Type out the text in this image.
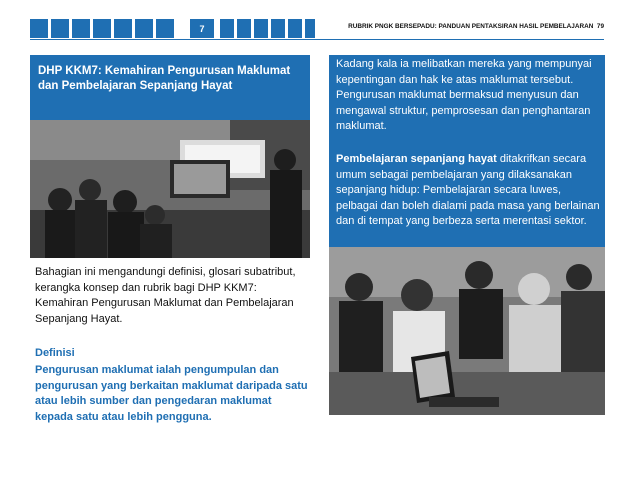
7	RUBRIK PNGK BERSEPADU: PANDUAN PENTAKSIRAN HASIL PEMBELAJARAN 79
DHP KKM7: Kemahiran Pengurusan Maklumat dan Pembelajaran Sepanjang Hayat
Bahagian ini mengandungi definisi, glosari subatribut, kerangka konsep dan rubrik bagi DHP KKM7: Kemahiran Pengurusan Maklumat dan Pembelajaran Sepanjang Hayat.
Definisi
Pengurusan maklumat ialah pengumpulan dan pengurusan yang berkaitan maklumat daripada satu atau lebih sumber dan pengedaran maklumat kepada satu atau lebih pengguna.
Kadang kala ia melibatkan mereka yang mempunyai kepentingan dan hak ke atas maklumat tersebut. Pengurusan maklumat bermaksud menyusun dan mengawal struktur, pemprosesan dan penghantaran maklumat.
Pembelajaran sepanjang hayat ditakrifkan secara umum sebagai pembelajaran yang dilaksanakan sepanjang hidup: Pembelajaran secara luwes, pelbagai dan boleh dialami pada masa yang berlainan dan di tempat yang berbeza serta merentasi sektor.
